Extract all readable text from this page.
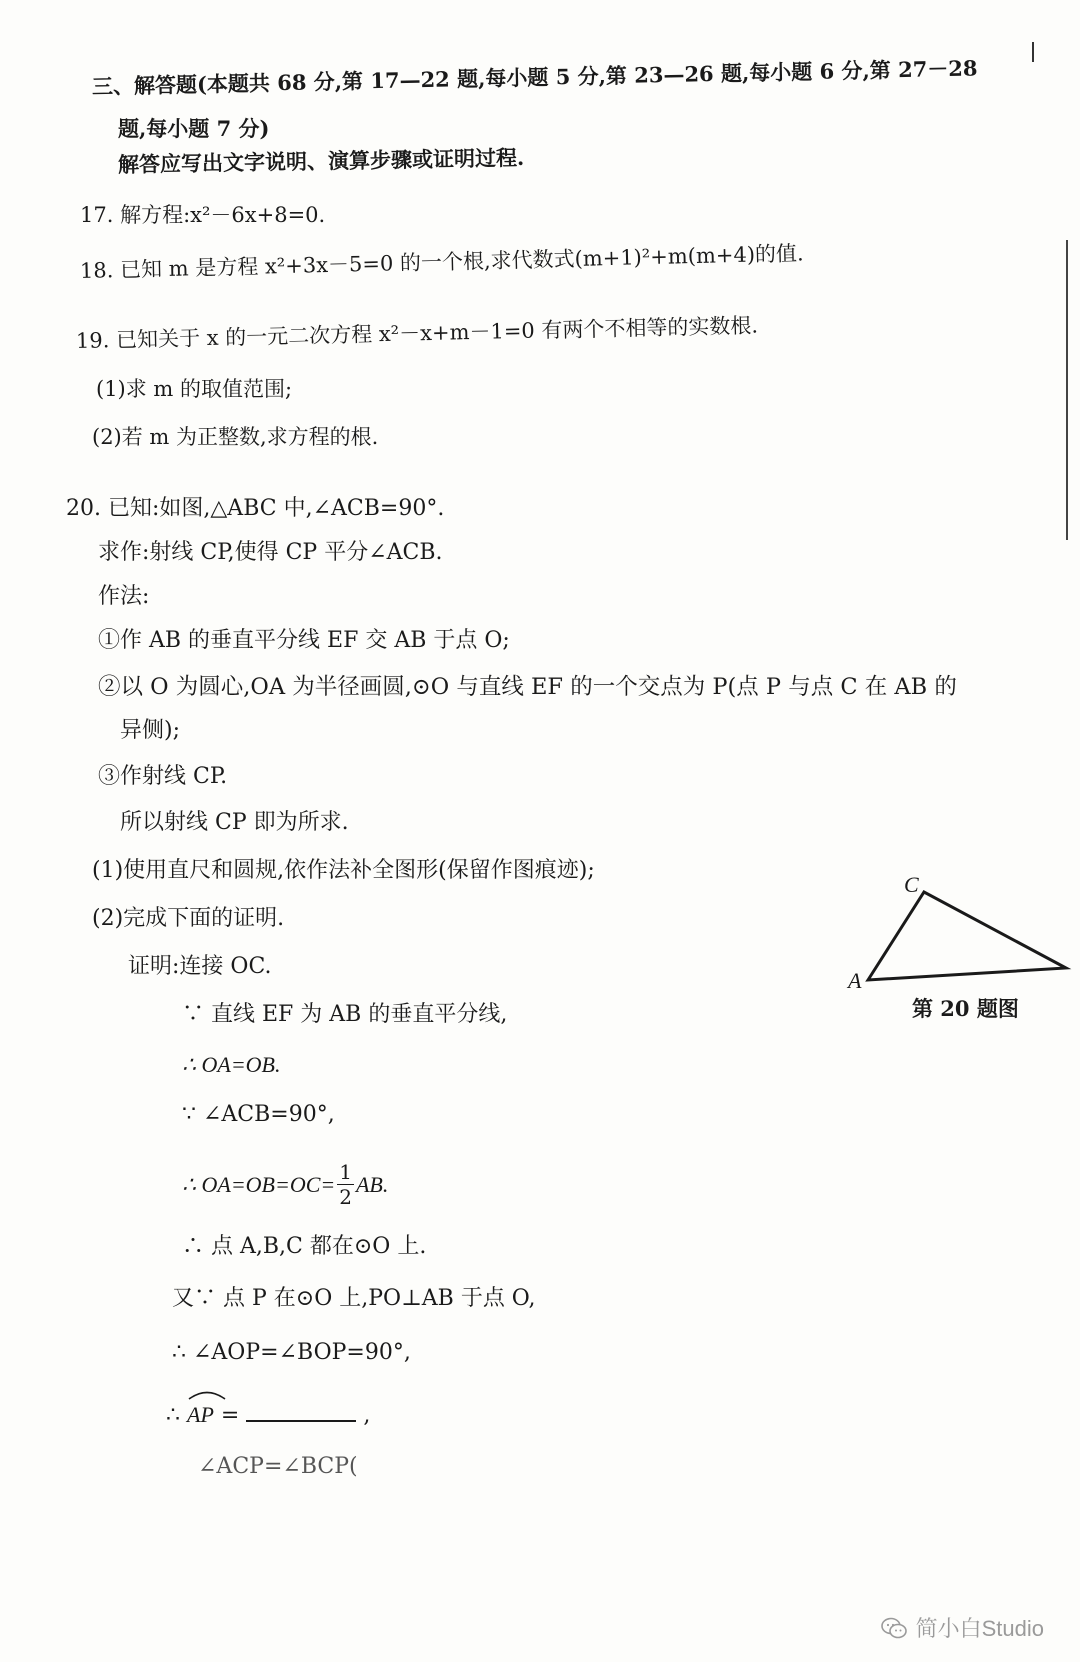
三、解答题(本题共 68 分,第 17—22 题,每小题 5 分,第 23—26 题,每小题 6 分,第 27－28
题,每小题 7 分)
解答应写出文字说明、演算步骤或证明过程.
17. 解方程:x²－6x+8=0.
18. 已知 m 是方程 x²+3x－5=0 的一个根,求代数式(m+1)²+m(m+4)的值.
19. 已知关于 x 的一元二次方程 x²－x+m－1=0 有两个不相等的实数根.
(1)求 m 的取值范围;
(2)若 m 为正整数,求方程的根.
20. 已知:如图,△ABC 中,∠ACB=90°.
求作:射线 CP,使得 CP 平分∠ACB.
作法:
①作 AB 的垂直平分线 EF 交 AB 于点 O;
②以 O 为圆心,OA 为半径画圆,⊙O 与直线 EF 的一个交点为 P(点 P 与点 C 在 AB 的
异侧);
③作射线 CP.
所以射线 CP 即为所求.
(1)使用直尺和圆规,依作法补全图形(保留作图痕迹);
(2)完成下面的证明.
C
A
第 20 题图
证明:连接 OC.
∵ 直线 EF 为 AB 的垂直平分线,
∴ OA=OB.
∵ ∠ACB=90°,
∴ $OA=OB=OC= \frac{1}{2}$ AB.
∴ 点 A,B,C 都在⊙O 上.
又∵ 点 P 在⊙O 上,PO⊥AB 于点 O,
∴ ∠AOP=∠BOP=90°,
∴
AP =	,
∠ACP=∠BCP(
简小白Studio
